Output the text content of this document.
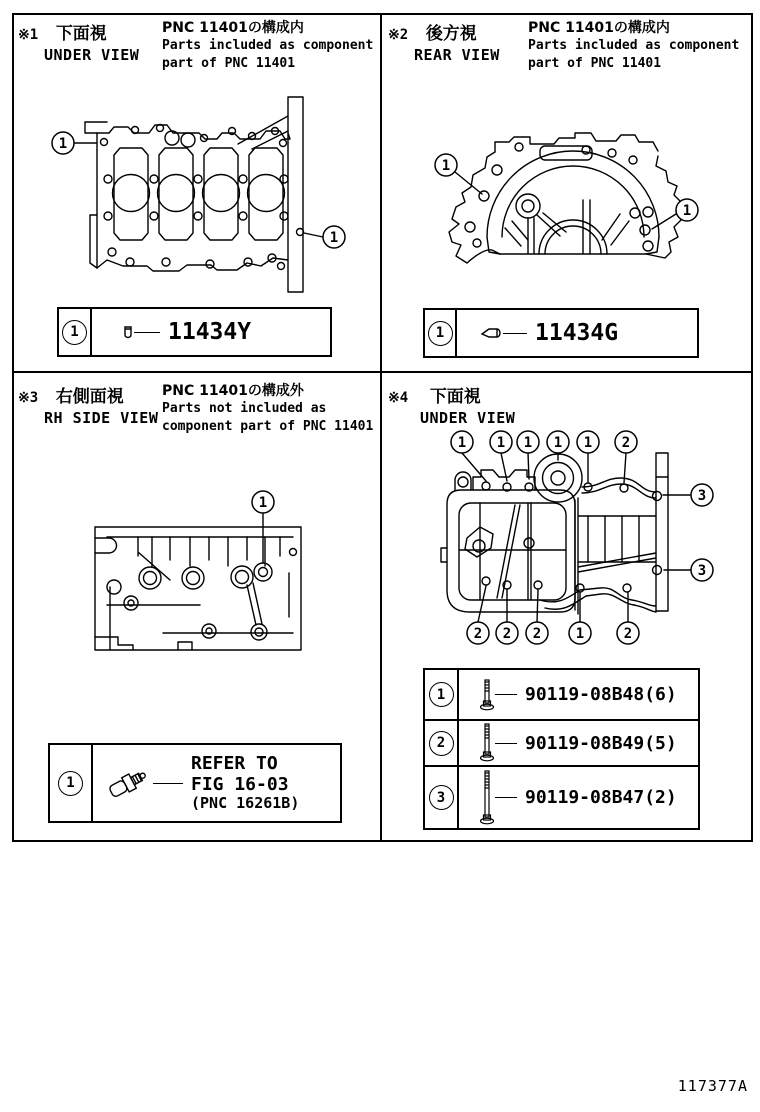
1
1
※1 下面視
UNDER VIEW
PNC 11401の構成内
Parts included as component
part of PNC 11401
1	11434Y
1
1
※2 後方視
REAR VIEW
PNC 11401の構成内
Parts included as component
part of PNC 11401
1	11434G
1
※3 右側面視
RH SIDE VIEW
PNC 11401の構成外
Parts not included as
component part of PNC 11401
1
REFER TO
FIG 16-03
(PNC 16261B)
1 1 1 1 1 2
3
3
2 2 2 1	2
※4 下面視
UNDER VIEW
1	90119-08B48(6)
2	90119-08B49(5)
3	90119-08B47(2)
117377A
